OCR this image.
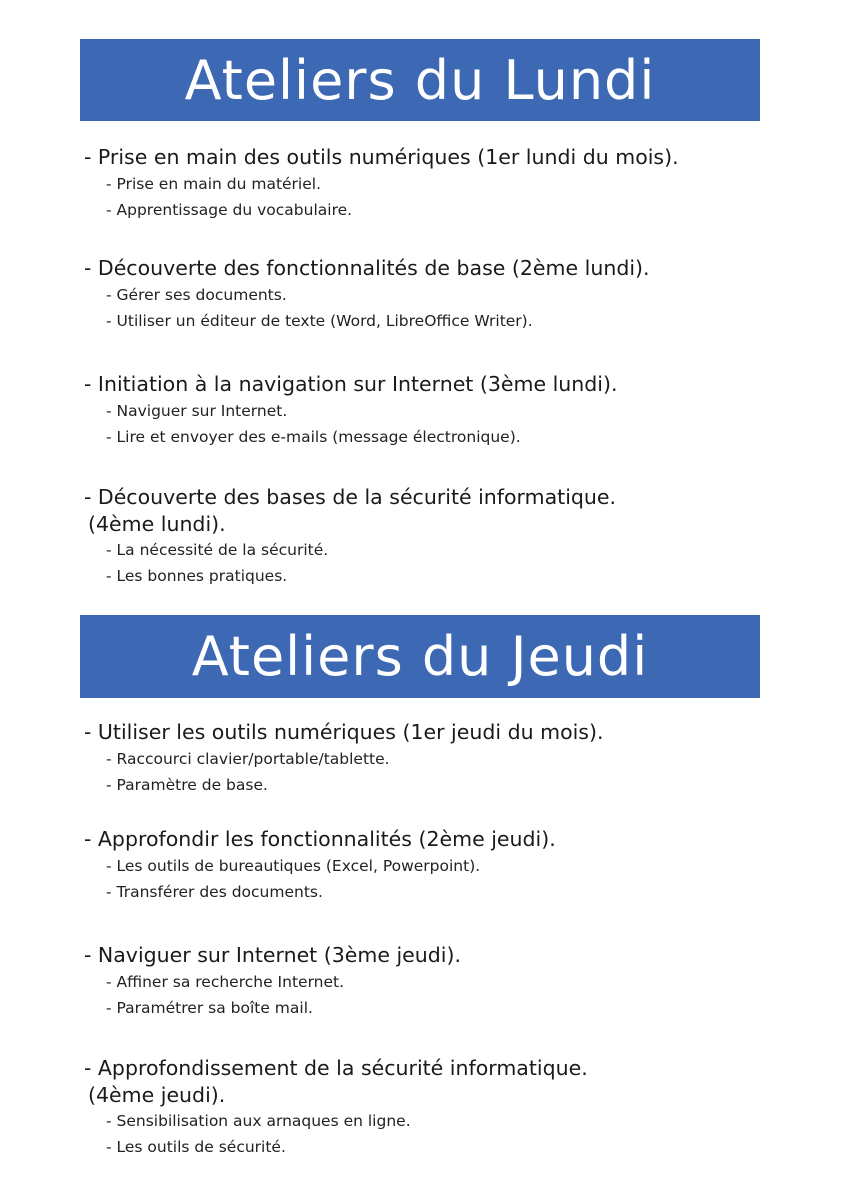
Ateliers du Lundi
- Prise en main des outils numériques (1er lundi du mois).
- Prise en main du matériel.
- Apprentissage du vocabulaire.
- Découverte des fonctionnalités de base (2ème lundi).
- Gérer ses documents.
- Utiliser un éditeur de texte (Word, LibreOffice Writer).
- Initiation à la navigation sur Internet (3ème lundi).
- Naviguer sur Internet.
- Lire et envoyer des e-mails (message électronique).
- Découverte des bases de la sécurité informatique.
(4ème lundi).
- La nécessité de la sécurité.
- Les bonnes pratiques.
Ateliers du Jeudi
- Utiliser les outils numériques (1er jeudi du mois).
- Raccourci clavier/portable/tablette.
- Paramètre de base.
- Approfondir les fonctionnalités (2ème jeudi).
- Les outils de bureautiques (Excel, Powerpoint).
- Transférer des documents.
- Naviguer sur Internet (3ème jeudi).
- Affiner sa recherche Internet.
- Paramétrer sa boîte mail.
- Approfondissement de la sécurité informatique.
(4ème jeudi).
- Sensibilisation aux arnaques en ligne.
- Les outils de sécurité.
